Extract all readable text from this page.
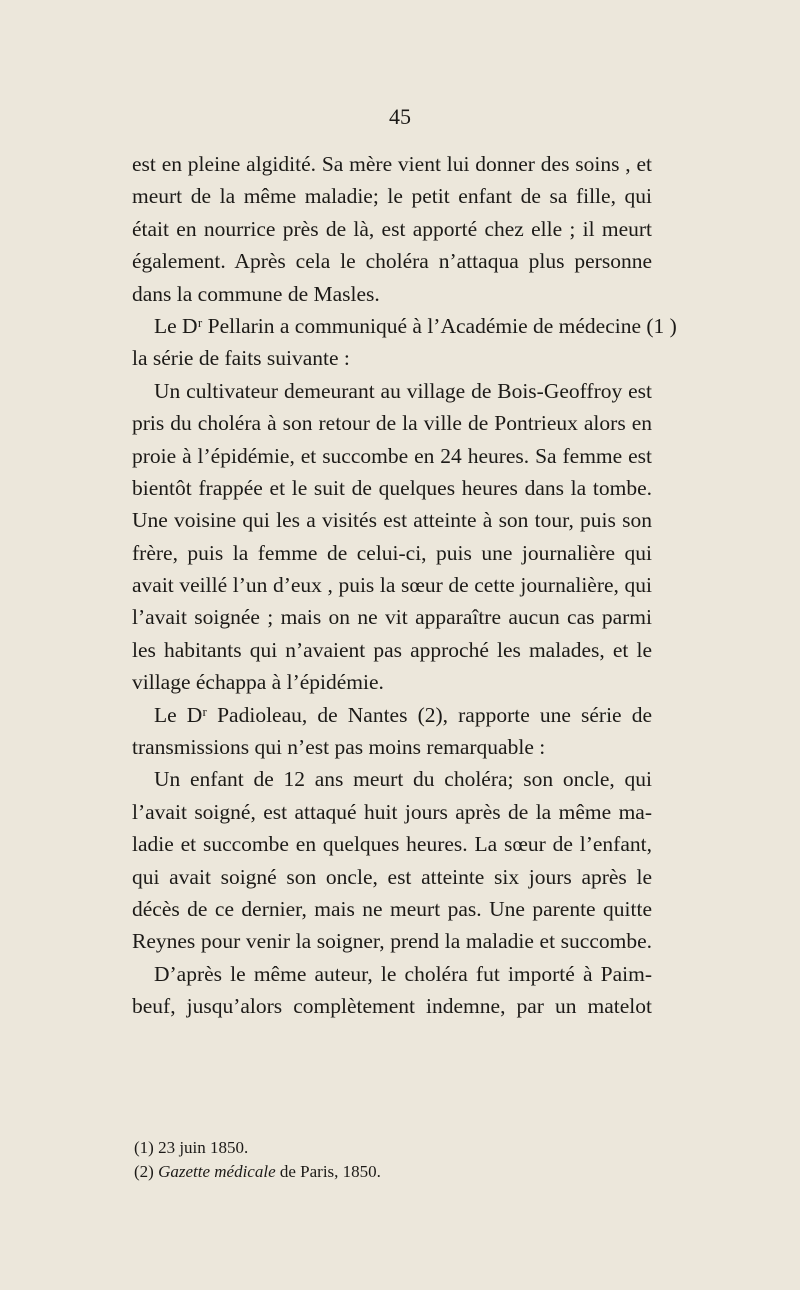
45
est en pleine algidité. Sa mère vient lui donner des soins , et
meurt de la même maladie; le petit enfant de sa fille, qui
était en nourrice près de là, est apporté chez elle ; il meurt
également. Après cela le choléra n’attaqua plus personne
dans la commune de Masles.
Le Dʳ Pellarin a communiqué à l’Académie de médecine (1 )
la série de faits suivante :
Un cultivateur demeurant au village de Bois-Geoffroy est
pris du choléra à son retour de la ville de Pontrieux alors en
proie à l’épidémie, et succombe en 24 heures. Sa femme est
bientôt frappée et le suit de quelques heures dans la tombe.
Une voisine qui les a visités est atteinte à son tour, puis son
frère, puis la femme de celui-ci, puis une journalière qui
avait veillé l’un d’eux , puis la sœur de cette journalière, qui
l’avait soignée ; mais on ne vit apparaître aucun cas parmi
les habitants qui n’avaient pas approché les malades, et le
village échappa à l’épidémie.
Le Dʳ Padioleau, de Nantes (2), rapporte une série de
transmissions qui n’est pas moins remarquable :
Un enfant de 12 ans meurt du choléra; son oncle, qui
l’avait soigné, est attaqué huit jours après de la même ma-
ladie et succombe en quelques heures. La sœur de l’enfant,
qui avait soigné son oncle, est atteinte six jours après le
décès de ce dernier, mais ne meurt pas. Une parente quitte
Reynes pour venir la soigner, prend la maladie et succombe.
D’après le même auteur, le choléra fut importé à Paim-
beuf, jusqu’alors complètement indemne, par un matelot
(1) 23 juin 1850.
(2) Gazette médicale de Paris, 1850.
